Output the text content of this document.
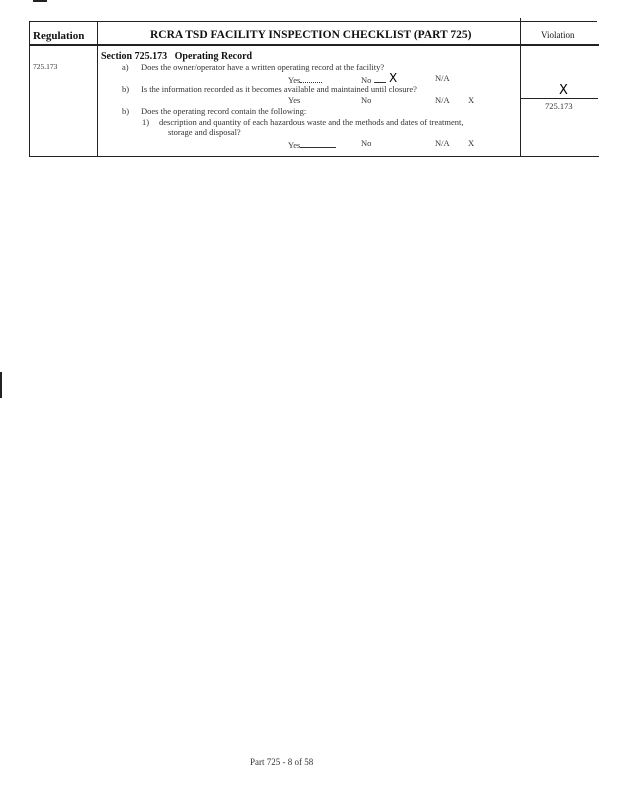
Regulation	RCRA TSD FACILITY INSPECTION CHECKLIST (PART 725)	Violation
725.173
Section 725.173   Operating Record
a) Does the owner/operator have a written operating record at the facility?
Yes	No	X	N/A
b) Is the information recorded as it becomes available and maintained until closure?
Yes	No	N/A X
b) Does the operating record contain the following:
1) description and quantity of each hazardous waste and the methods and dates of treatment,
storage and disposal?
Yes	No	N/A X
X
725.173
Part 725 - 8 of 58
